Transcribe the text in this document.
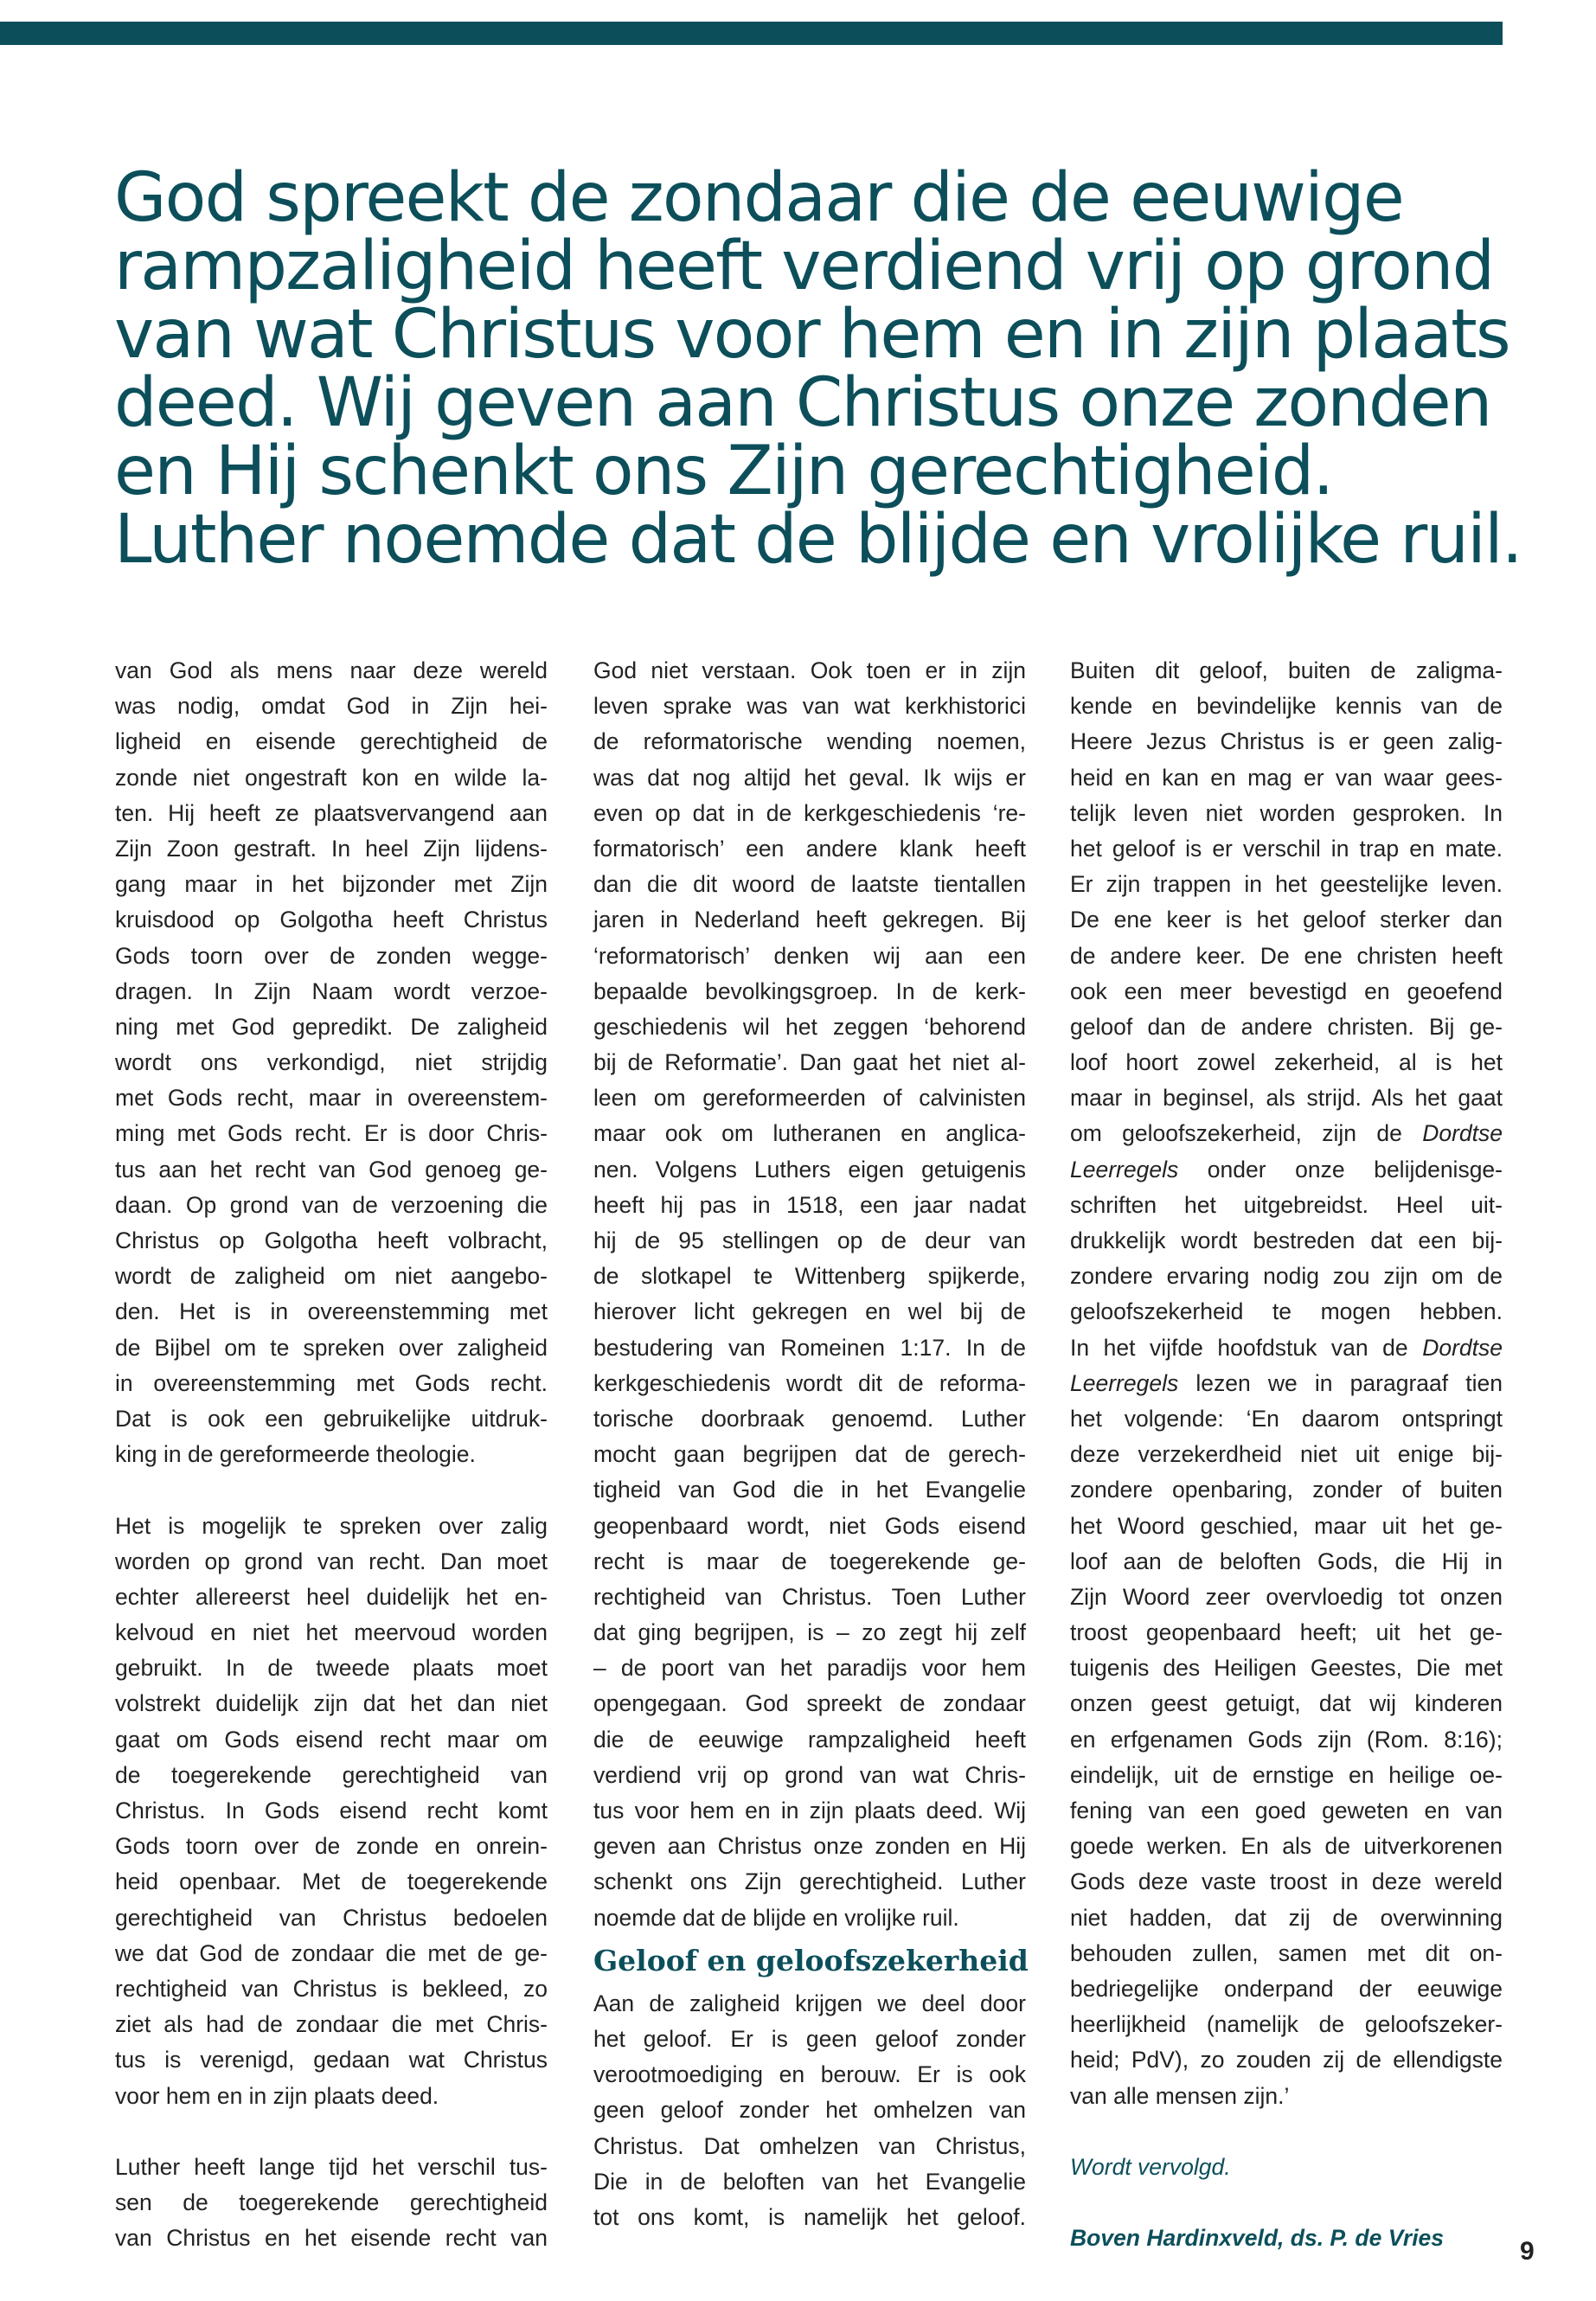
God spreekt de zondaar die de eeuwige
rampzaligheid heeft verdiend vrij op grond
van wat Christus voor hem en in zijn plaats
deed. Wij geven aan Christus onze zonden
en Hij schenkt ons Zijn gerechtigheid.
Luther noemde dat de blijde en vrolijke ruil.
van God als mens naar deze wereld
was nodig, omdat God in Zijn hei-
ligheid en eisende gerechtigheid de
zonde niet ongestraft kon en wilde la-
ten. Hij heeft ze plaatsvervangend aan
Zijn Zoon gestraft. In heel Zijn lijdens-
gang maar in het bijzonder met Zijn
kruisdood op Golgotha heeft Christus
Gods toorn over de zonden wegge-
dragen. In Zijn Naam wordt verzoe-
ning met God gepredikt. De zaligheid
wordt ons verkondigd, niet strijdig
met Gods recht, maar in overeenstem-
ming met Gods recht. Er is door Chris-
tus aan het recht van God genoeg ge-
daan. Op grond van de verzoening die
Christus op Golgotha heeft volbracht,
wordt de zaligheid om niet aangebo-
den. Het is in overeenstemming met
de Bijbel om te spreken over zaligheid
in overeenstemming met Gods recht.
Dat is ook een gebruikelijke uitdruk-
king in de gereformeerde theologie.
Het is mogelijk te spreken over zalig
worden op grond van recht. Dan moet
echter allereerst heel duidelijk het en-
kelvoud en niet het meervoud worden
gebruikt. In de tweede plaats moet
volstrekt duidelijk zijn dat het dan niet
gaat om Gods eisend recht maar om
de toegerekende gerechtigheid van
Christus. In Gods eisend recht komt
Gods toorn over de zonde en onrein-
heid openbaar. Met de toegerekende
gerechtigheid van Christus bedoelen
we dat God de zondaar die met de ge-
rechtigheid van Christus is bekleed, zo
ziet als had de zondaar die met Chris-
tus is verenigd, gedaan wat Christus
voor hem en in zijn plaats deed.
Luther heeft lange tijd het verschil tus-
sen de toegerekende gerechtigheid
van Christus en het eisende recht van
God niet verstaan. Ook toen er in zijn
leven sprake was van wat kerkhistorici
de reformatorische wending noemen,
was dat nog altijd het geval. Ik wijs er
even op dat in de kerkgeschiedenis ‘re-
formatorisch’ een andere klank heeft
dan die dit woord de laatste tientallen
jaren in Nederland heeft gekregen. Bij
‘reformatorisch’ denken wij aan een
bepaalde bevolkingsgroep. In de kerk-
geschiedenis wil het zeggen ‘behorend
bij de Reformatie’. Dan gaat het niet al-
leen om gereformeerden of calvinisten
maar ook om lutheranen en anglica-
nen. Volgens Luthers eigen getuigenis
heeft hij pas in 1518, een jaar nadat
hij de 95 stellingen op de deur van
de slotkapel te Wittenberg spijkerde,
hierover licht gekregen en wel bij de
bestudering van Romeinen 1:17. In de
kerkgeschiedenis wordt dit de reforma-
torische doorbraak genoemd. Luther
mocht gaan begrijpen dat de gerech-
tigheid van God die in het Evangelie
geopenbaard wordt, niet Gods eisend
recht is maar de toegerekende ge-
rechtigheid van Christus. Toen Luther
dat ging begrijpen, is – zo zegt hij zelf
– de poort van het paradijs voor hem
opengegaan. God spreekt de zondaar
die de eeuwige rampzaligheid heeft
verdiend vrij op grond van wat Chris-
tus voor hem en in zijn plaats deed. Wij
geven aan Christus onze zonden en Hij
schenkt ons Zijn gerechtigheid. Luther
noemde dat de blijde en vrolijke ruil.
Geloof en geloofszekerheid
Aan de zaligheid krijgen we deel door
het geloof. Er is geen geloof zonder
verootmoediging en berouw. Er is ook
geen geloof zonder het omhelzen van
Christus. Dat omhelzen van Christus,
Die in de beloften van het Evangelie
tot ons komt, is namelijk het geloof.
Buiten dit geloof, buiten de zaligma-
kende en bevindelijke kennis van de
Heere Jezus Christus is er geen zalig-
heid en kan en mag er van waar gees-
telijk leven niet worden gesproken. In
het geloof is er verschil in trap en mate.
Er zijn trappen in het geestelijke leven.
De ene keer is het geloof sterker dan
de andere keer. De ene christen heeft
ook een meer bevestigd en geoefend
geloof dan de andere christen. Bij ge-
loof hoort zowel zekerheid, al is het
maar in beginsel, als strijd. Als het gaat
om geloofszekerheid, zijn de Dordtse
Leerregels onder onze belijdenisge-
schriften het uitgebreidst. Heel uit-
drukkelijk wordt bestreden dat een bij-
zondere ervaring nodig zou zijn om de
geloofszekerheid te mogen hebben.
In het vijfde hoofdstuk van de Dordtse
Leerregels lezen we in paragraaf tien
het volgende: ‘En daarom ontspringt
deze verzekerdheid niet uit enige bij-
zondere openbaring, zonder of buiten
het Woord geschied, maar uit het ge-
loof aan de beloften Gods, die Hij in
Zijn Woord zeer overvloedig tot onzen
troost geopenbaard heeft; uit het ge-
tuigenis des Heiligen Geestes, Die met
onzen geest getuigt, dat wij kinderen
en erfgenamen Gods zijn (Rom. 8:16);
eindelijk, uit de ernstige en heilige oe-
fening van een goed geweten en van
goede werken. En als de uitverkorenen
Gods deze vaste troost in deze wereld
niet hadden, dat zij de overwinning
behouden zullen, samen met dit on-
bedriegelijke onderpand der eeuwige
heerlijkheid (namelijk de geloofszeker-
heid; PdV), zo zouden zij de ellendigste
van alle mensen zijn.’
Wordt vervolgd.
Boven Hardinxveld, ds. P. de Vries	9
